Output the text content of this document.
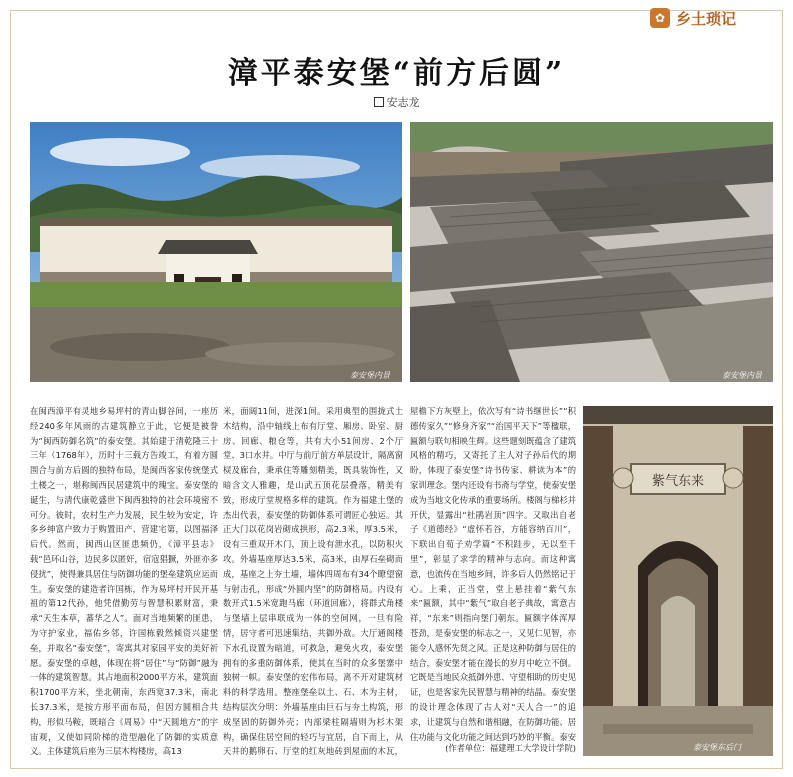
✿ 乡土琐记
漳平泰安堡“前方后圆”
安志龙
泰安堡内景	泰安堡内景

在闽西漳平有灵地乡易坪村的青山脚谷间，一座历经240多年风雨的古建筑静立于此，它便是被誉为“闽西防御名筑”的泰安堡。其始建于清乾隆三十三年（1768年），历时十三载方告竣工，有着方圆围合与前方后圆的独特布局，是闽西客家传统堡式土楼之一，堪称闽西民居建筑中的瑰宝。泰安堡的诞生，与清代康乾盛世下闽西独特的社会环境密不可分。彼时，农村生产力发展，民生较为安定，许多乡绅富户致力于购置田产、营建宅第，以图福泽后代。然而，闽西山区匪患频仍，《漳平县志》载“邑环山谷，边民多以匿奸，宿寇猖獗，外匪亦多侵扰”，使得兼具居住与防御功能的堡垒建筑应运而生。泰安堡的建造者许国栋，作为易坪村开民开基祖的第12代孙，他凭借勤劳与智慧积累财富，秉承“天生本草，蕃华之人”。面对当地频繁的匪患，为守护家业，福佑乡邻，许国栋毅然倾资兴建堡垒，并取名“泰安堡”，寄寓其对家园平安的美好祈愿。泰安堡的卓越，体现在将“居住”与“防御”融为一体的建筑智慧。其占地面积2000平方米，建筑面积1700平方米，坐北朝南，东西宽37.3米，南北长37.3米，是按方形平面布局，但因方圆相合共构，形似马鞍，既暗合《周易》中“天圆地方”的宇宙观，又使如同阶梯的造型融化了防御的实质意义。主体建筑后座为三层木构楼房，高13

米，面阔11间，进深1间。采用典型的围拢式土木结构，沿中轴线上布有厅堂、厢房、卧室、厨房、回廊、粮仓等，共有大小51间房、2个厅堂、3口水井。中厅与前厅前方单层设计，隔离窗棂及廊台，秉承住等雕刻精美，既具装饰性，又暗含文人雅趣，是山武五顶花层叠落，精美有致，形成厅堂规格多样的建筑。作为福建土堡的杰出代表，泰安堡的防御体系可谓匠心独运。其正大门以花岗岩砌成拱形，高2.3米，厚3.5米，设有三重双开木门，顶上设有泄水孔，以防积火攻。外墙基座厚达3.5米，高3米，由厚石垒砌而成，基座之上夯土墙，墙体四周布有34个瞭望窗与射击孔，形成“外圆内坚”的防御格局。内设有数开式1.5米宽跑马廊（环道回廊），将群式角楼与堡墙上层串联成为一体的空间网，一旦有险情，居守者可迅速集结，共御外敌。大厅通阁楼下水孔设置为暗道，可救急，避免火攻，泰安堡拥有的多重防御体系，使其在当时的众多堡寨中独树一帜。泰安堡的宏伟布局，离不开对建筑材料的科学选用。整座堡垒以土、石、木为主材，结构层次分明：外墙基座由巨石与夯土构筑，形成坚固的防御外壳；内部梁柱隔墙则为杉木架构，确保住居空间的轻巧与宜居，自下而上，从天井的鹅卵石、厅堂的红灰地砖到屋面的木瓦，

屋檐下方灰壁上，依次写有“诗书继世长”“积德传家久”“修身齐家”“治国平天下”等楹联，匾额与联句相映生辉。这些题刻既蕴含了建筑风格的精巧，又寄托了主人对子孙后代的期盼，体现了泰安堡“诗书传家、耕读为本”的家训理念。堡内还设有书斋与学堂，使泰安堡成为当地文化传承的重要场所。楼阁与梯杉并开伏，显露出“杜鹃岩顶”四字。又取出自老子《道德经》“虚怀若谷，方能容纳百川”，下联出自荀子劝学篇“不积跬步，无以至千里”，彰显了求学的精神与志向。而这种寓意，也流传在当地乡间，许多后人仍然铭记于心。上乘，正当堂，堂上悬挂着“紫气东来”匾额，其中“紫气”取自老子典故，寓意吉祥，“东来”则指向堡门朝东。匾额字体浑厚苍劲，是泰安堡的标志之一，又见仁见智，亦能令人感怀先贤之风。正是这种防御与居住的结合，泰安堡才能在漫长的岁月中屹立不倒。它既是当地民众抵御外患、守望相助的历史见证，也是客家先民智慧与精神的结晶。泰安堡的设计理念体现了古人对“天人合一”的追求，让建筑与自然和谐相融，在防御功能、居住功能与文化功能之间达到巧妙的平衡。泰安

(作者单位：福建理工大学设计学院)
紫气东来
泰安堡东后门
